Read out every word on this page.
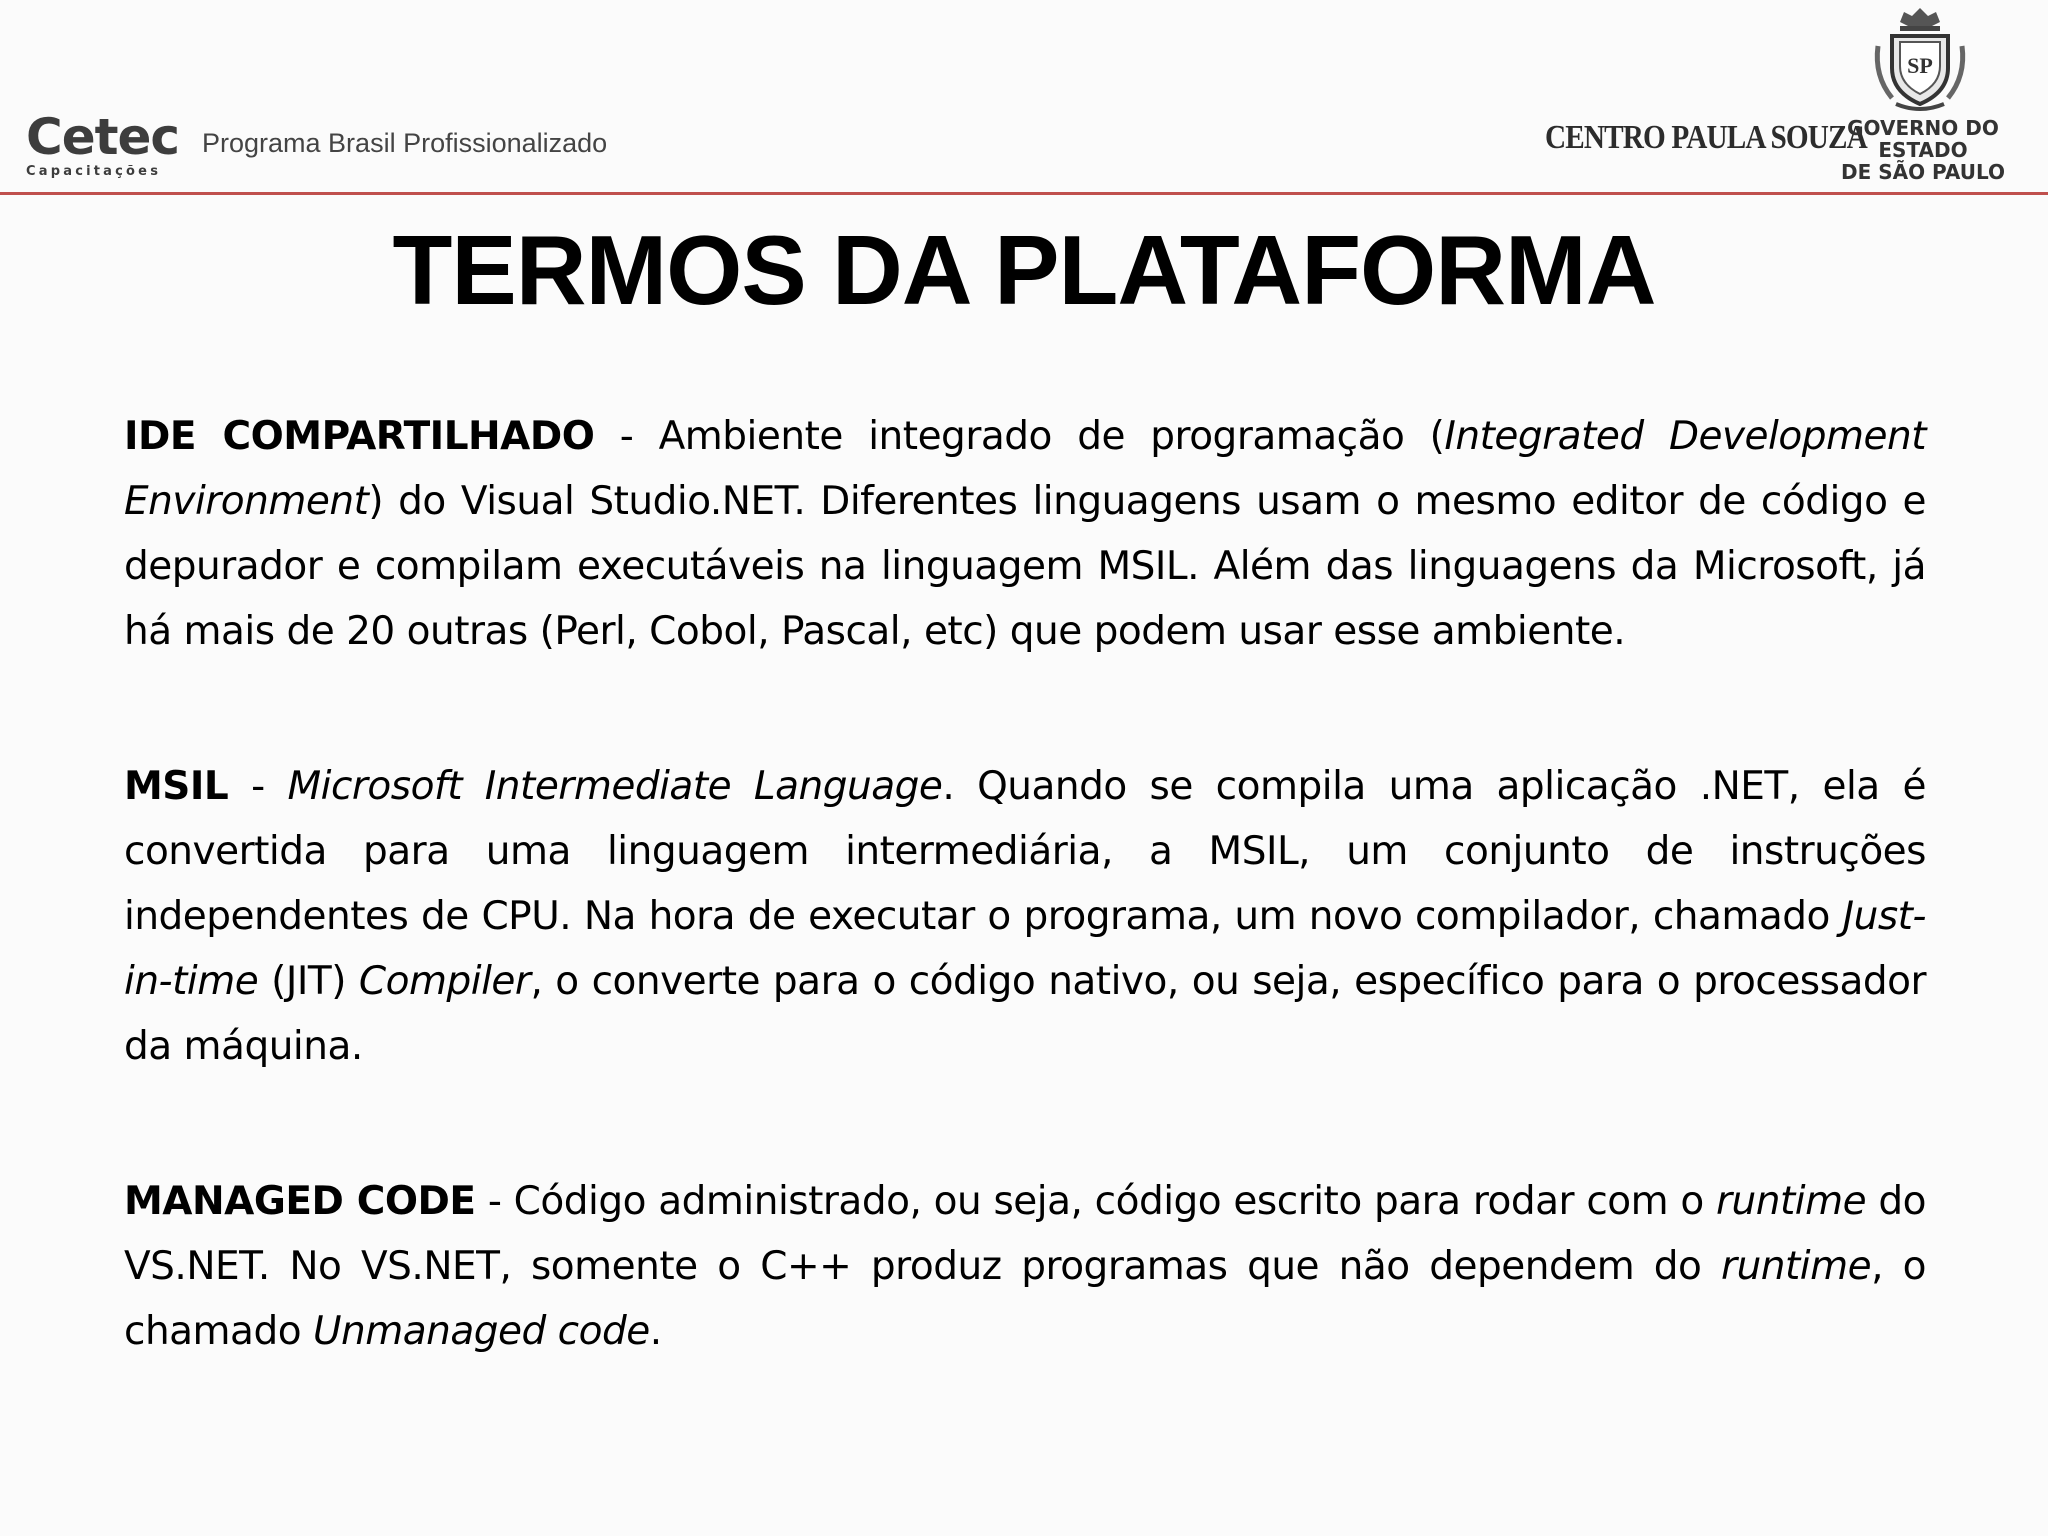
Cetec
Capacitações
Programa Brasil Profissionalizado	CENTRO PAULA SOUZA
SP
GOVERNO DO ESTADO
DE SÃO PAULO
TERMOS DA PLATAFORMA

IDE COMPARTILHADO - Ambiente integrado de programação (Integrated Development Environment) do Visual Studio.NET. Diferentes linguagens usam o mesmo editor de código e depurador e compilam executáveis na linguagem MSIL. Além das linguagens da Microsoft, já há mais de 20 outras (Perl, Cobol, Pascal, etc) que podem usar esse ambiente.

MSIL - Microsoft Intermediate Language. Quando se compila uma aplicação .NET, ela é convertida para uma linguagem intermediária, a MSIL, um conjunto de instruções independentes de CPU. Na hora de executar o programa, um novo compilador, chamado Just-in-time (JIT) Compiler, o converte para o código nativo, ou seja, específico para o processador da máquina.

MANAGED CODE - Código administrado, ou seja, código escrito para rodar com o runtime do VS.NET. No VS.NET, somente o C++ produz programas que não dependem do runtime, o chamado Unmanaged code.
